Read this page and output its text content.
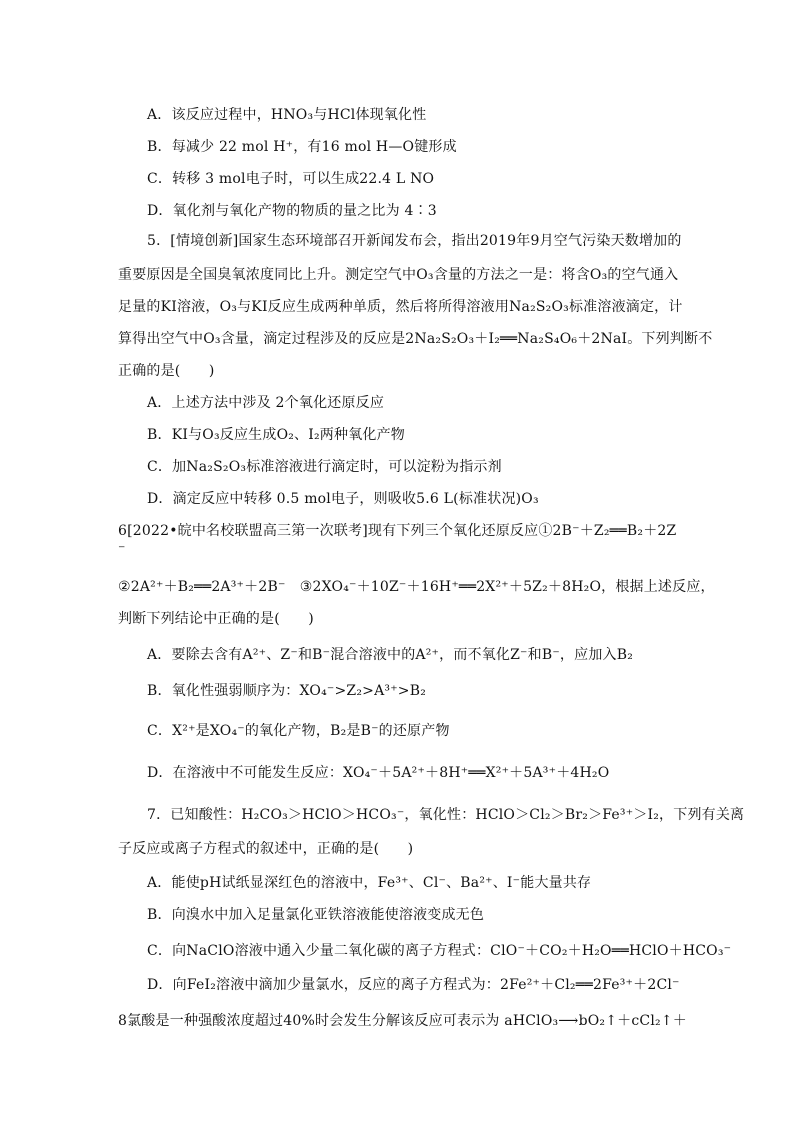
A．该反应过程中，HNO₃与HCl体现氧化性
B．每减少 22 mol H⁺，有16 mol H—O键形成
C．转移 3 mol电子时，可以生成22.4 L NO
D．氧化剂与氧化产物的物质的量之比为 4∶3
5．[情境创新]国家生态环境部召开新闻发布会，指出2019年9月空气污染天数增加的
重要原因是全国臭氧浓度同比上升。测定空气中O₃含量的方法之一是：将含O₃的空气通入
足量的KI溶液，O₃与KI反应生成两种单质，然后将所得溶液用Na₂S₂O₃标准溶液滴定，计
算得出空气中O₃含量，滴定过程涉及的反应是2Na₂S₂O₃＋I₂══Na₂S₄O₆＋2NaI。下列判断不
正确的是(　　)
A．上述方法中涉及 2个氧化还原反应
B．KI与O₃反应生成O₂、I₂两种氧化产物
C．加Na₂S₂O₃标准溶液进行滴定时，可以淀粉为指示剂
D．滴定反应中转移 0.5 mol电子，则吸收5.6 L(标准状况)O₃
6[2022•皖中名校联盟高三第一次联考]现有下列三个氧化还原反应①2B⁻＋Z₂══B₂＋2Z
⁻
②2A²⁺＋B₂══2A³⁺＋2B⁻　③2XO₄⁻＋10Z⁻＋16H⁺══2X²⁺＋5Z₂＋8H₂O，根据上述反应，
判断下列结论中正确的是(　　)
A．要除去含有A²⁺、Z⁻和B⁻混合溶液中的A²⁺，而不氧化Z⁻和B⁻，应加入B₂
B．氧化性强弱顺序为：XO₄⁻>Z₂>A³⁺>B₂
C．X²⁺是XO₄⁻的氧化产物，B₂是B⁻的还原产物
D．在溶液中不可能发生反应：XO₄⁻＋5A²⁺＋8H⁺══X²⁺＋5A³⁺＋4H₂O
7．已知酸性：H₂CO₃＞HClO＞HCO₃⁻，氧化性：HClO＞Cl₂＞Br₂＞Fe³⁺＞I₂，下列有关离
子反应或离子方程式的叙述中，正确的是(　　)
A．能使pH试纸显深红色的溶液中，Fe³⁺、Cl⁻、Ba²⁺、I⁻能大量共存
B．向溴水中加入足量氯化亚铁溶液能使溶液变成无色
C．向NaClO溶液中通入少量二氧化碳的离子方程式：ClO⁻＋CO₂＋H₂O══HClO＋HCO₃⁻
D．向FeI₂溶液中滴加少量氯水，反应的离子方程式为：2Fe²⁺＋Cl₂══2Fe³⁺＋2Cl⁻
8氯酸是一种强酸浓度超过40%时会发生分解该反应可表示为 aHClO₃⟶bO₂↑＋cCl₂↑＋
